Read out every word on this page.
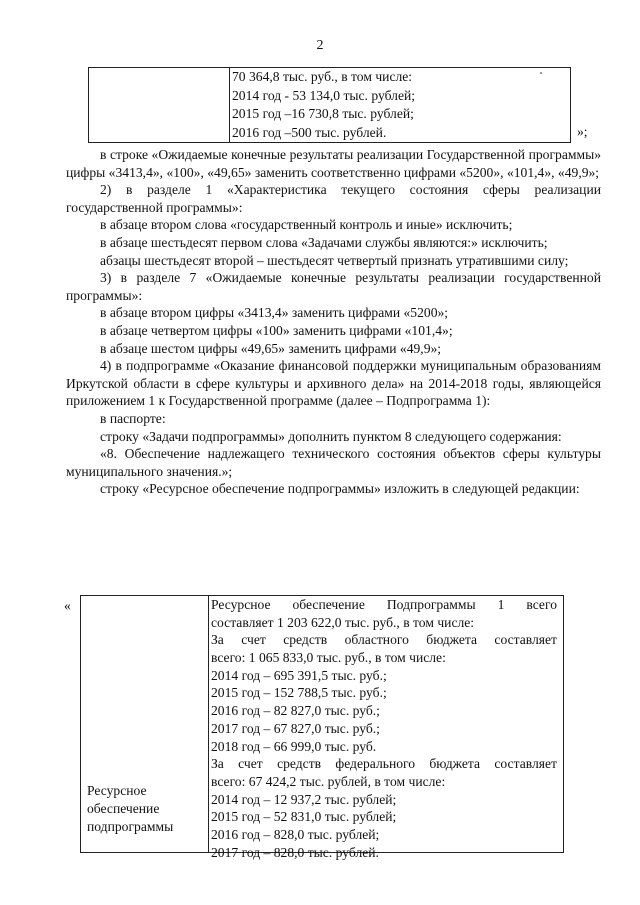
2
70 364,8 тыс. руб., в том числе:
2014 год - 53 134,0 тыс. рублей;
2015 год –16 730,8 тыс. рублей;
2016 год –500 тыс. рублей.	»;

в строке «Ожидаемые конечные результаты реализации Государственной программы» цифры «3413,4», «100», «49,65» заменить соответственно цифрами «5200», «101,4», «49,9»;

2) в разделе 1 «Характеристика текущего состояния сферы реализации государственной программы»:

в абзаце втором слова «государственный контроль и иные» исключить;

в абзаце шестьдесят первом слова «Задачами службы являются:» исключить;

абзацы шестьдесят второй – шестьдесят четвертый признать утратившими силу;

3) в разделе 7 «Ожидаемые конечные результаты реализации государственной программы»:

в абзаце втором цифры «3413,4» заменить цифрами «5200»;

в абзаце четвертом цифры «100» заменить цифрами «101,4»;

в абзаце шестом цифры «49,65» заменить цифрами «49,9»;

4) в подпрограмме «Оказание финансовой поддержки муниципальным образованиям Иркутской области в сфере культуры и архивного дела» на 2014-2018 годы, являющейся приложением 1 к Государственной программе (далее – Подпрограмма 1):

в паспорте:

строку «Задачи подпрограммы» дополнить пунктом 8 следующего содержания:

«8. Обеспечение надлежащего технического состояния объектов сферы культуры муниципального значения.»;

строку «Ресурсное обеспечение подпрограммы» изложить в следующей редакции:

«
Ресурсное
обеспечение
подпрограммы
Ресурсное обеспечение Подпрограммы 1 всего
составляет 1 203 622,0 тыс. руб., в том числе:
За счет средств областного бюджета составляет
всего: 1 065 833,0 тыс. руб., в том числе:
2014 год – 695 391,5 тыс. руб.;
2015 год – 152 788,5 тыс. руб.;
2016 год – 82 827,0 тыс. руб.;
2017 год – 67 827,0 тыс. руб.;
2018 год – 66 999,0 тыс. руб.
За счет средств федерального бюджета составляет
всего: 67 424,2 тыс. рублей, в том числе:
2014 год – 12 937,2 тыс. рублей;
2015 год – 52 831,0 тыс. рублей;
2016 год – 828,0 тыс. рублей;
2017 год – 828,0 тыс. рублей.
